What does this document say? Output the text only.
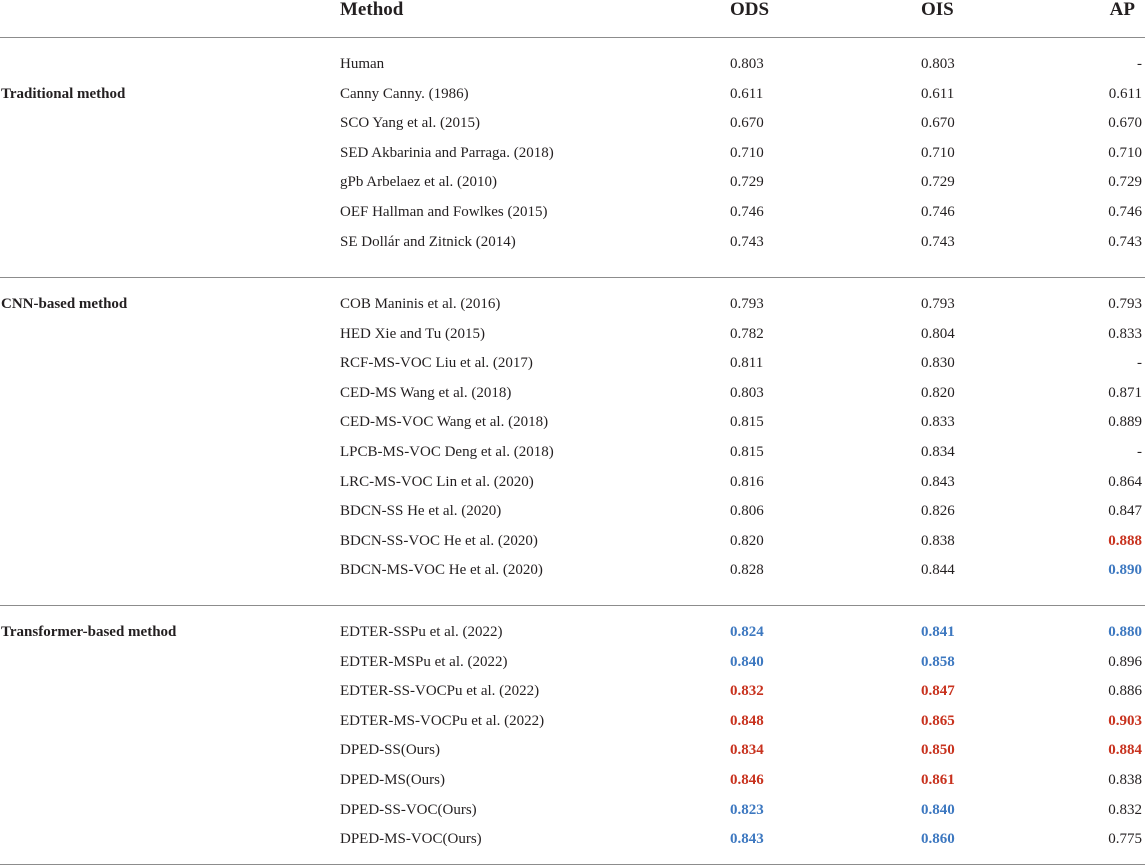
Method	ODS	OIS	AP
Traditional method
Human	0.803	0.803	-
Canny Canny. (1986)	0.611	0.611	0.611
SCO Yang et al. (2015)	0.670	0.670	0.670
SED Akbarinia and Parraga. (2018)	0.710	0.710	0.710
gPb Arbelaez et al. (2010)	0.729	0.729	0.729
OEF Hallman and Fowlkes (2015)	0.746	0.746	0.746
SE Dollár and Zitnick (2014)	0.743	0.743	0.743
CNN-based method	COB Maninis et al. (2016)	0.793	0.793	0.793
HED Xie and Tu (2015)	0.782	0.804	0.833
RCF-MS-VOC Liu et al. (2017)	0.811	0.830	-
CED-MS Wang et al. (2018)	0.803	0.820	0.871
CED-MS-VOC Wang et al. (2018)	0.815	0.833	0.889
LPCB-MS-VOC Deng et al. (2018)	0.815	0.834	-
LRC-MS-VOC Lin et al. (2020)	0.816	0.843	0.864
BDCN-SS He et al. (2020)	0.806	0.826	0.847
BDCN-SS-VOC He et al. (2020)	0.820	0.838	0.888
BDCN-MS-VOC He et al. (2020)	0.828	0.844	0.890
Transformer-based method	EDTER-SSPu et al. (2022)	0.824	0.841	0.880
EDTER-MSPu et al. (2022)	0.840	0.858	0.896
EDTER-SS-VOCPu et al. (2022)	0.832	0.847	0.886
EDTER-MS-VOCPu et al. (2022)	0.848	0.865	0.903
DPED-SS(Ours)	0.834	0.850	0.884
DPED-MS(Ours)	0.846	0.861	0.838
DPED-SS-VOC(Ours)	0.823	0.840	0.832
DPED-MS-VOC(Ours)	0.843	0.860	0.775
